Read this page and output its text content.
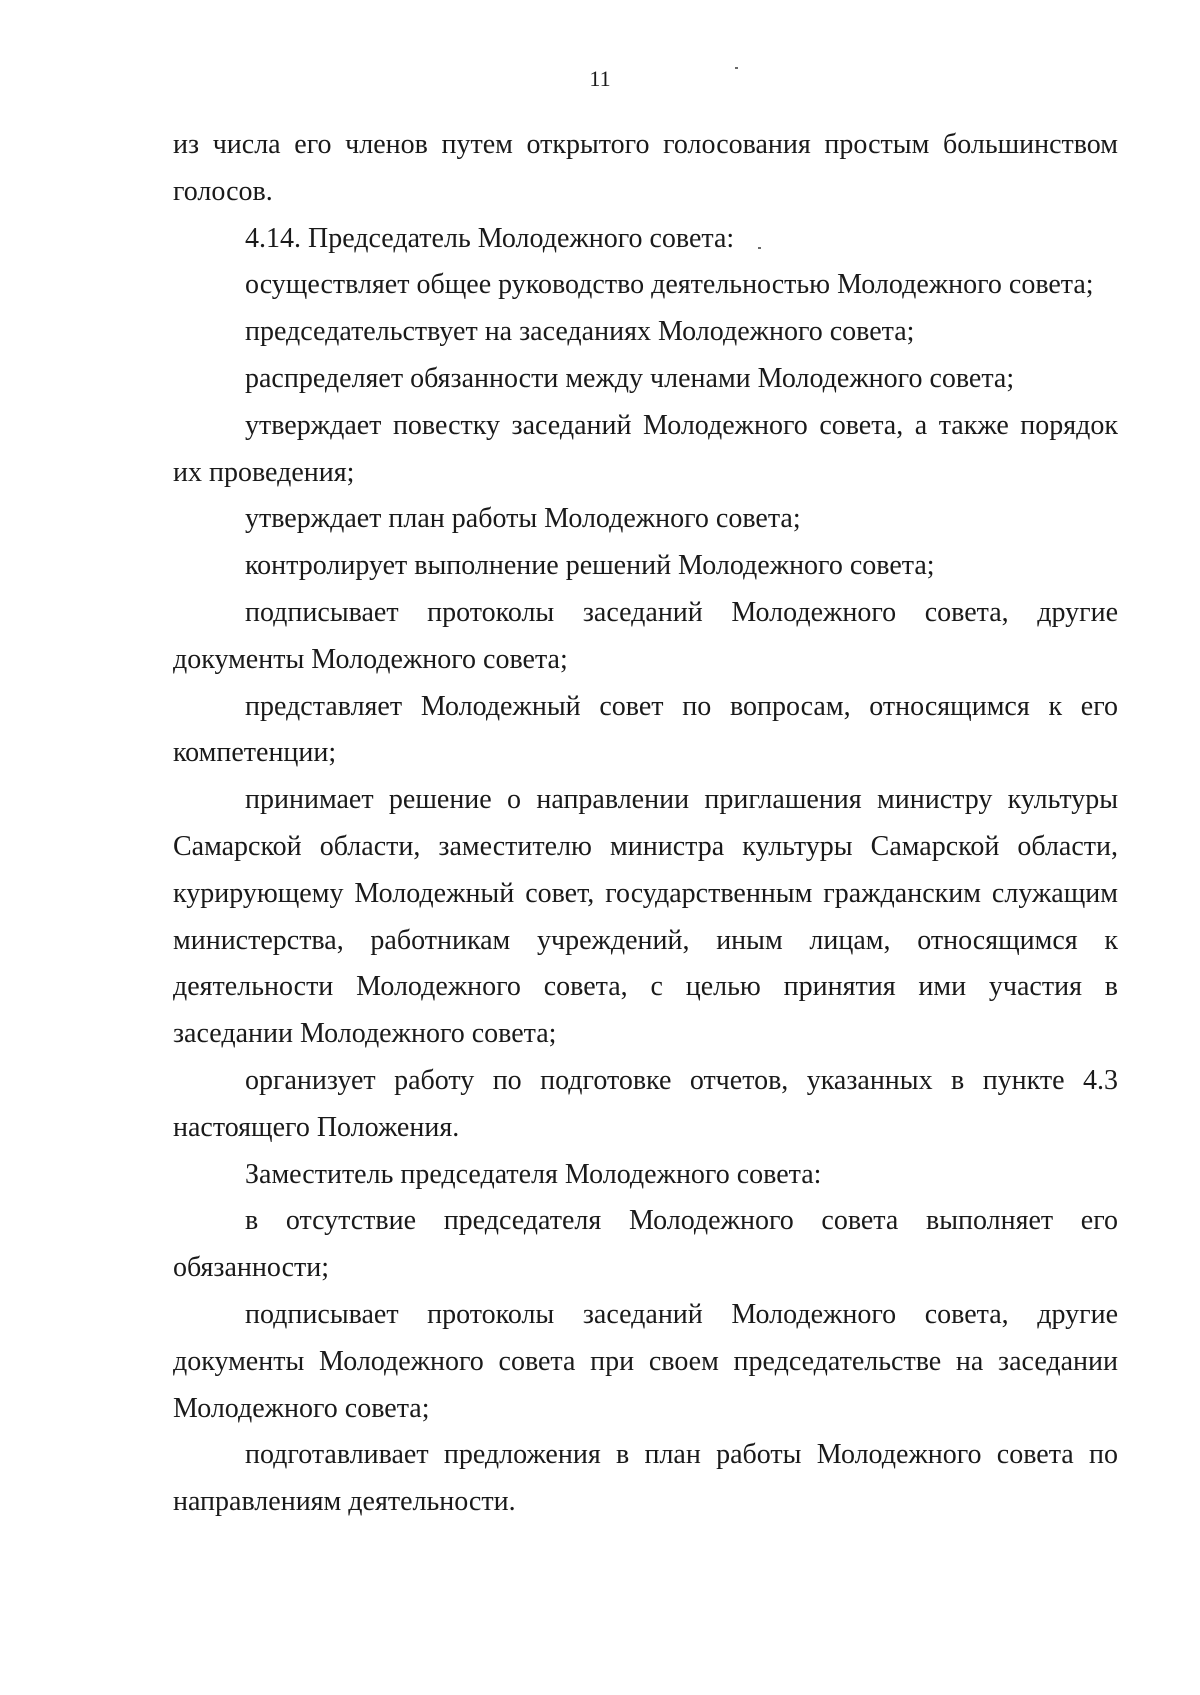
11

из числа его членов путем открытого голосования простым большинством голосов.

4.14. Председатель Молодежного совета:

осуществляет общее руководство деятельностью Молодежного совета;

председательствует на заседаниях Молодежного совета;

распределяет обязанности между членами Молодежного совета;

утверждает повестку заседаний Молодежного совета, а также порядок их проведения;

утверждает план работы Молодежного совета;

контролирует выполнение решений Молодежного совета;

подписывает протоколы заседаний Молодежного совета, другие документы Молодежного совета;

представляет Молодежный совет по вопросам, относящимся к его компетенции;

принимает решение о направлении приглашения министру культуры Самарской области, заместителю министра культуры Самарской области, курирующему Молодежный совет, государственным гражданским служащим министерства, работникам учреждений, иным лицам, относящимся к деятельности Молодежного совета, с целью принятия ими участия в заседании Молодежного совета;

организует работу по подготовке отчетов, указанных в пункте 4.3 настоящего Положения.

Заместитель председателя Молодежного совета:

в отсутствие председателя Молодежного совета выполняет его обязанности;

подписывает протоколы заседаний Молодежного совета, другие документы Молодежного совета при своем председательстве на заседании Молодежного совета;

подготавливает предложения в план работы Молодежного совета по направлениям деятельности.
